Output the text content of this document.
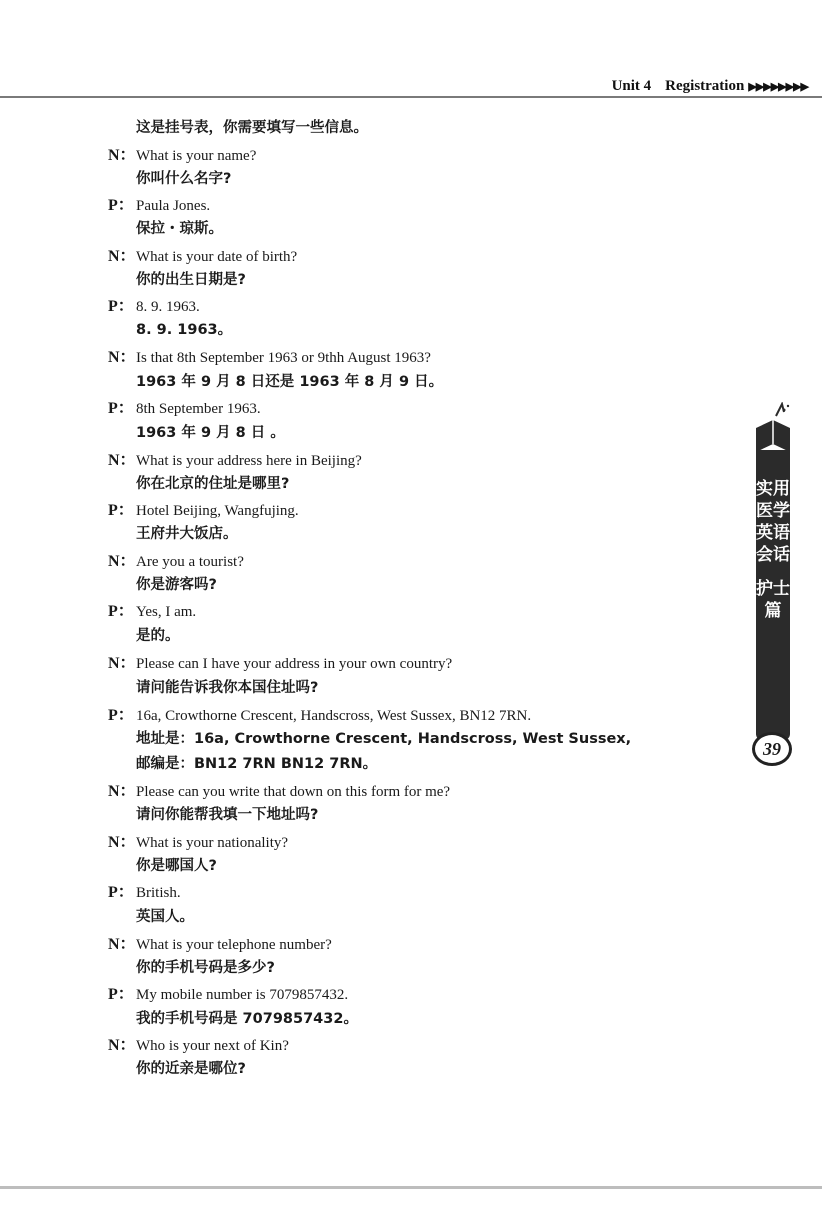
Unit 4 Registration ▶▶▶▶▶▶▶▶
这是挂号表，你需要填写一些信息。
N： What is your name?
你叫什么名字?
P： Paula Jones.
保拉・琼斯。
N： What is your date of birth?
你的出生日期是?
P： 8. 9. 1963.
8. 9. 1963。
N： Is that 8th September 1963 or 9thh August 1963?
1963 年 9 月 8 日还是 1963 年 8 月 9 日。
P： 8th September 1963.
1963 年 9 月 8 日 。
N： What is your address here in Beijing?
你在北京的住址是哪里?
P： Hotel Beijing, Wangfujing.
王府井大饭店。
N： Are you a tourist?
你是游客吗?
P： Yes, I am.
是的。
N： Please can I have your address in your own country?
请问能告诉我你本国住址吗?
P： 16a, Crowthorne Crescent, Handscross, West Sussex, BN12 7RN.
地址是：16a, Crowthorne Crescent, Handscross, West Sussex,
邮编是：BN12 7RN BN12 7RN。
N： Please can you write that down on this form for me?
请问你能帮我填一下地址吗?
N： What is your nationality?
你是哪国人?
P： British.
英国人。
N： What is your telephone number?
你的手机号码是多少?
P： My mobile number is 7079857432.
我的手机号码是 7079857432。
N： Who is your next of Kin?
你的近亲是哪位?
实用医学英语会话
护士篇
39
